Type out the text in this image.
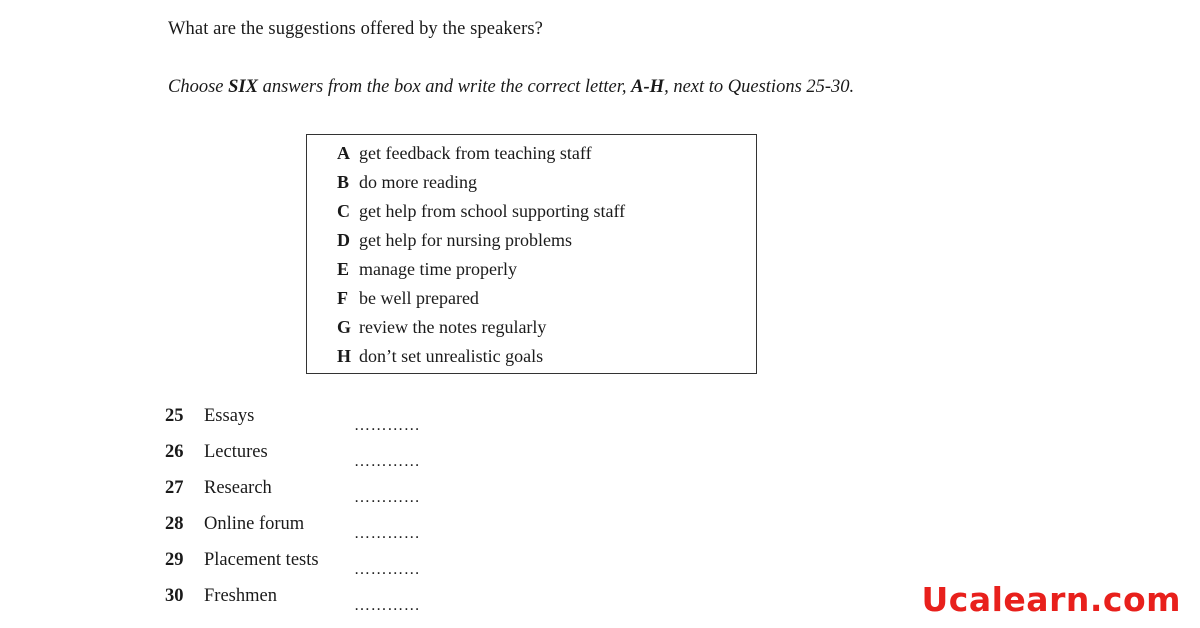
What are the suggestions offered by the speakers?
Choose SIX answers from the box and write the correct letter, A-H, next to Questions 25-30.
A get feedback from teaching staff
B do more reading
C get help from school supporting staff
D get help for nursing problems
E manage time properly
F be well prepared
G review the notes regularly
H don’t set unrealistic goals
25 Essays	…………
26 Lectures	…………
27 Research	…………
28 Online forum	…………
29 Placement tests …………
30 Freshmen	…………	Ucalearn.com
